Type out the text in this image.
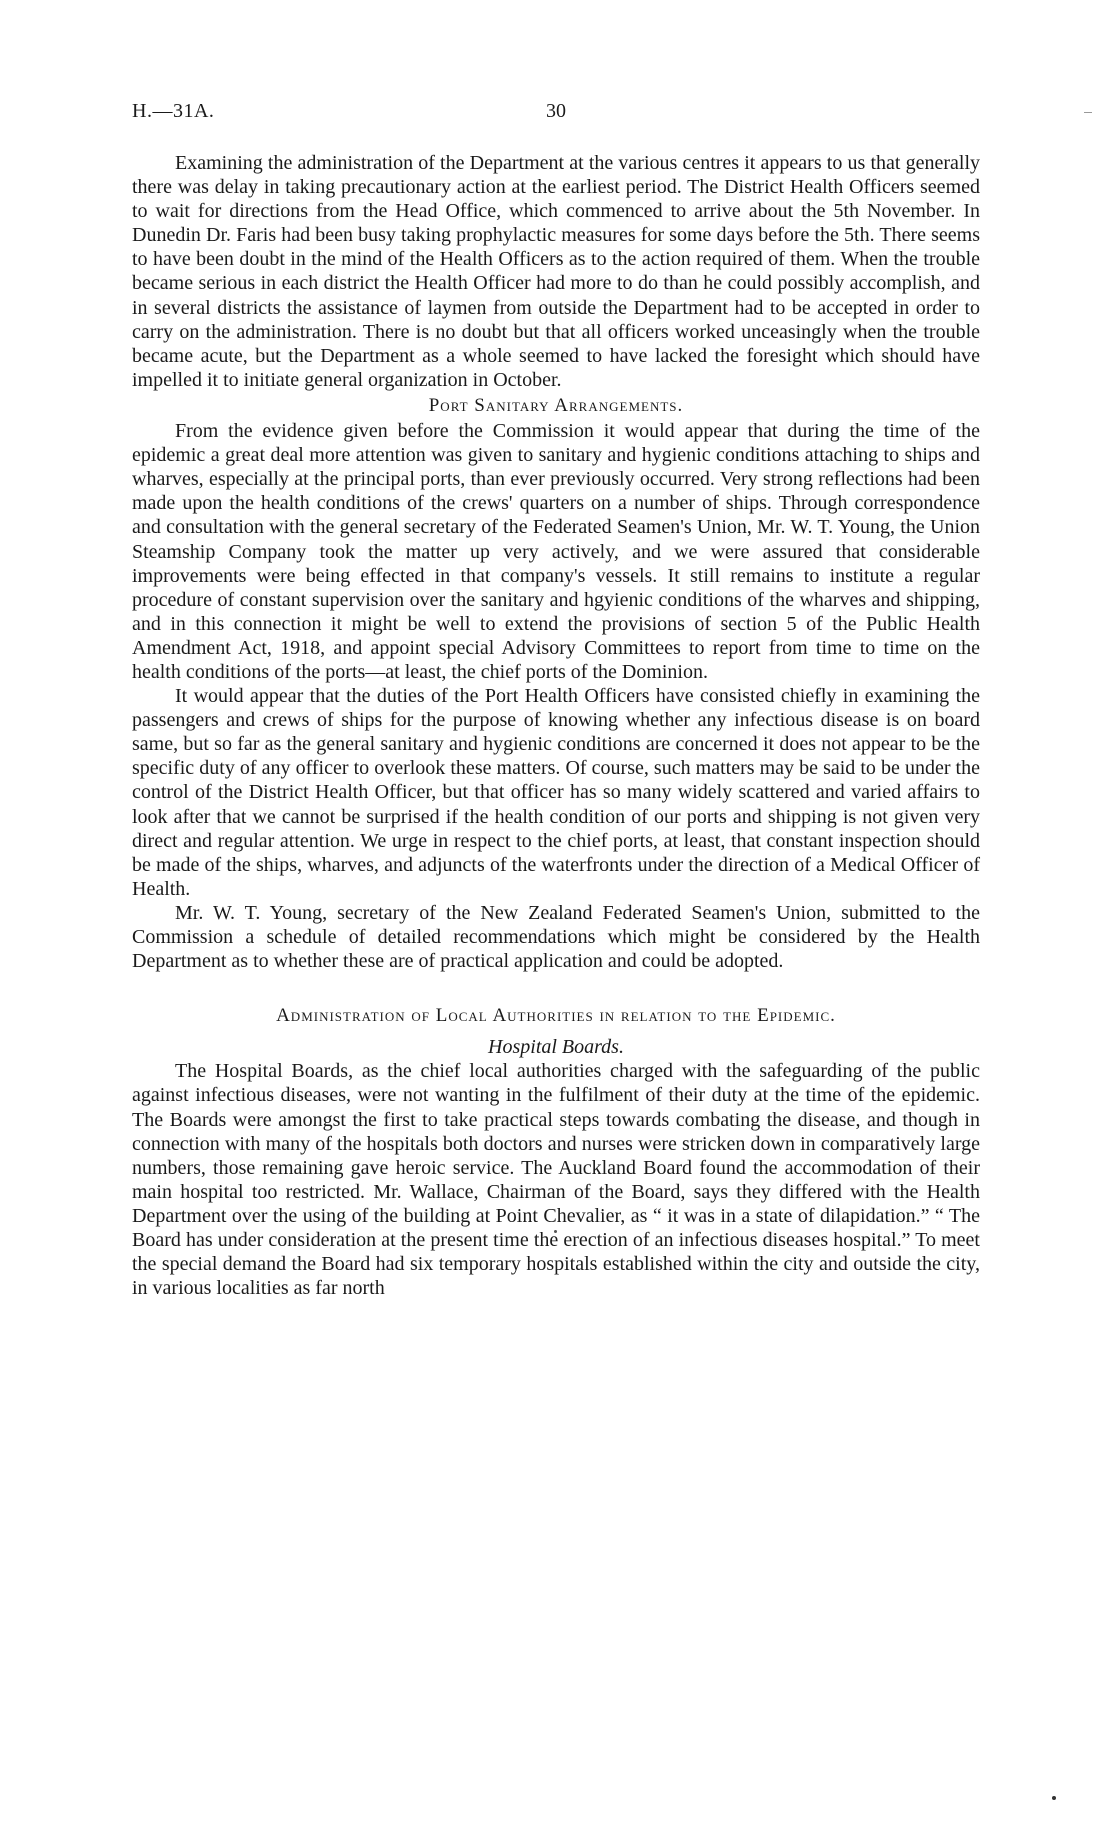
H.—31A.	30

Examining the administration of the Department at the various centres it appears to us that generally there was delay in taking precautionary action at the earliest period. The District Health Officers seemed to wait for directions from the Head Office, which commenced to arrive about the 5th November. In Dunedin Dr. Faris had been busy taking prophylactic measures for some days before the 5th. There seems to have been doubt in the mind of the Health Officers as to the action required of them. When the trouble became serious in each district the Health Officer had more to do than he could possibly accomplish, and in several districts the assistance of laymen from outside the Department had to be accepted in order to carry on the administration. There is no doubt but that all officers worked unceasingly when the trouble became acute, but the Department as a whole seemed to have lacked the foresight which should have impelled it to initiate general organization in October.

Port Sanitary Arrangements.

From the evidence given before the Commission it would appear that during the time of the epidemic a great deal more attention was given to sanitary and hygienic conditions attaching to ships and wharves, especially at the principal ports, than ever previously occurred. Very strong reflections had been made upon the health conditions of the crews' quarters on a number of ships. Through correspondence and consultation with the general secretary of the Federated Seamen's Union, Mr. W. T. Young, the Union Steamship Company took the matter up very actively, and we were assured that considerable improvements were being effected in that company's vessels. It still remains to institute a regular procedure of constant supervision over the sanitary and hgyienic conditions of the wharves and shipping, and in this connection it might be well to extend the provisions of section 5 of the Public Health Amendment Act, 1918, and appoint special Advisory Committees to report from time to time on the health conditions of the ports—at least, the chief ports of the Dominion.

It would appear that the duties of the Port Health Officers have consisted chiefly in examining the passengers and crews of ships for the purpose of knowing whether any infectious disease is on board same, but so far as the general sanitary and hygienic conditions are concerned it does not appear to be the specific duty of any officer to overlook these matters. Of course, such matters may be said to be under the control of the District Health Officer, but that officer has so many widely scattered and varied affairs to look after that we cannot be surprised if the health condition of our ports and shipping is not given very direct and regular attention. We urge in respect to the chief ports, at least, that constant inspection should be made of the ships, wharves, and adjuncts of the waterfronts under the direction of a Medical Officer of Health.

Mr. W. T. Young, secretary of the New Zealand Federated Seamen's Union, submitted to the Commission a schedule of detailed recommendations which might be considered by the Health Department as to whether these are of practical application and could be adopted.

Administration of Local Authorities in relation to the Epidemic.
Hospital Boards.

The Hospital Boards, as the chief local authorities charged with the safeguarding of the public against infectious diseases, were not wanting in the fulfilment of their duty at the time of the epidemic. The Boards were amongst the first to take practical steps towards combating the disease, and though in connection with many of the hospitals both doctors and nurses were stricken down in comparatively large numbers, those remaining gave heroic service. The Auckland Board found the accommodation of their main hospital too restricted. Mr. Wallace, Chairman of the Board, says they differed with the Health Department over the using of the building at Point Chevalier, as “ it was in a state of dilapidation.” “ The Board has under consideration at the present time the erection of an infectious diseases hospital.” To meet the special demand the Board had six temporary hospitals established within the city and outside the city, in various localities as far north
